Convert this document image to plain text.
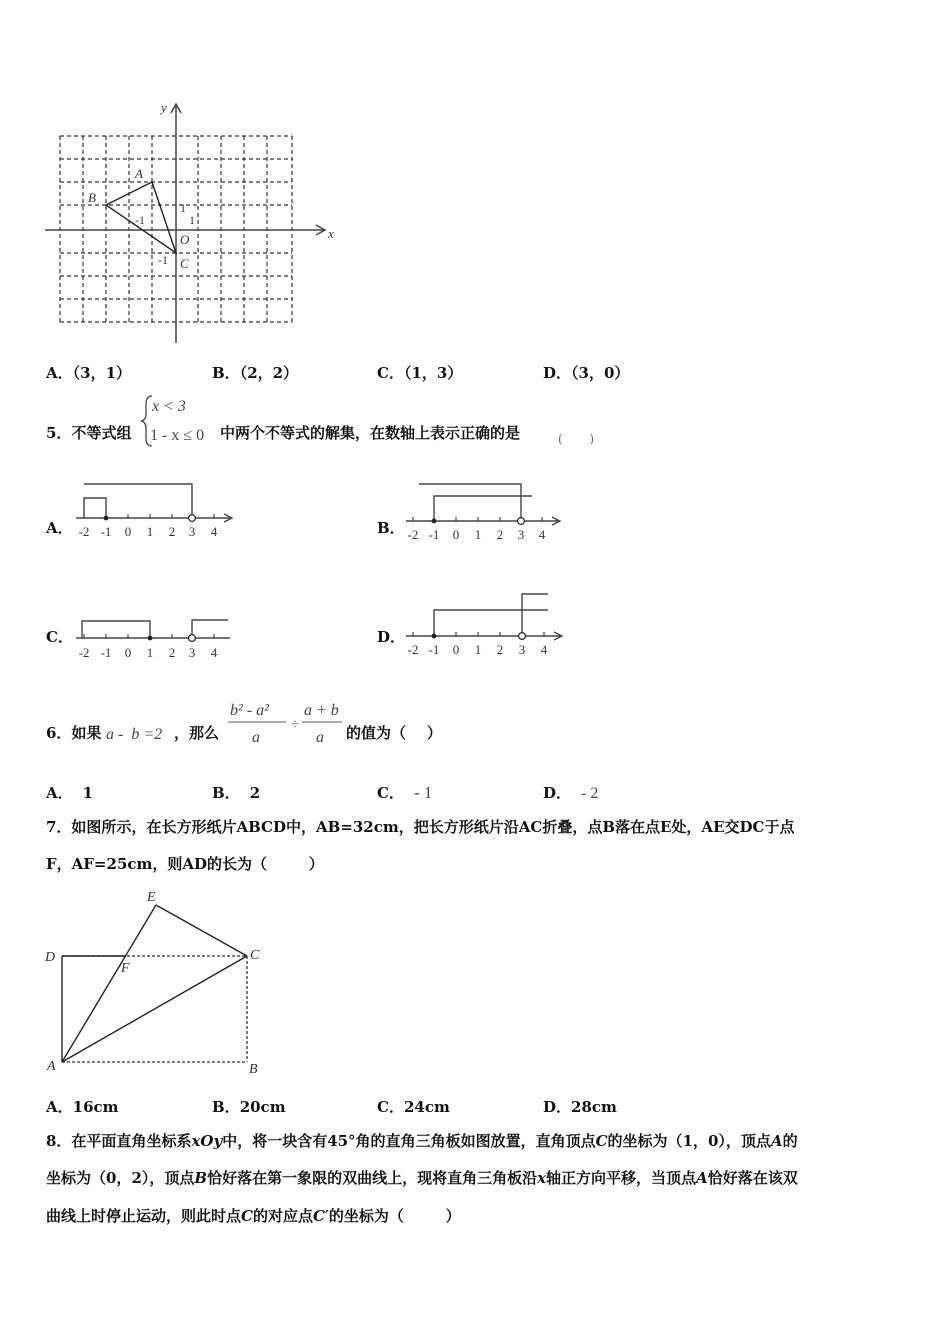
x
y
A
B
C
O
1
1
-1
-1
A．（3，1）	B．（2，2）	C．（1，3）	D．（3，0）
5．不等式组
x < 3
1 - x ≤ 0 中两个不等式的解集，在数轴上表示正确的是	(       )
A． -2 -1 0 1 2 3 4	B． -2 -1 0 1 2 3 4
C．
-2 -1 0 1 2 3 4
D．
-2 -1 0 1 2 3 4
6．如果 a -  b =2 ，那么
b² - a²
a
÷
a + b
a 的值为（    ）
A． 1	B． 2	C． - 1	D． - 2
7．如图所示，在长方形纸片ABCD中，AB=32cm，把长方形纸片沿AC折叠，点B落在点E处，AE交DC于点
F，AF=25cm，则AD的长为（        ）
E
D
F
C
A	B
A．16cm	B．20cm	C．24cm	D．28cm
8．在平面直角坐标系xOy中，将一块含有45°角的直角三角板如图放置，直角顶点C的坐标为（1，0），顶点A的
坐标为（0，2），顶点B恰好落在第一象限的双曲线上，现将直角三角板沿x轴正方向平移，当顶点A恰好落在该双
曲线上时停止运动，则此时点C的对应点C′的坐标为（        ）
